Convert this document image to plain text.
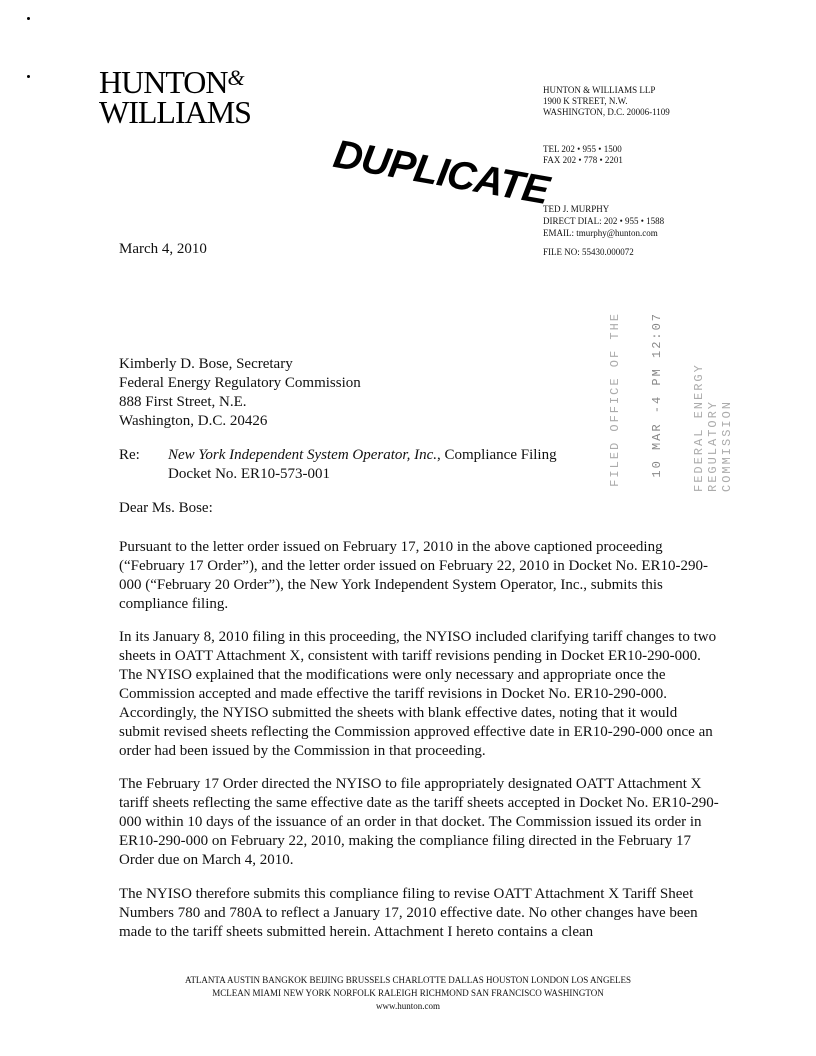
HUNTON&
WILLIAMS
DUPLICATE
HUNTON & WILLIAMS LLP
1900 K STREET, N.W.
WASHINGTON, D.C. 20006-1109
TEL 202 • 955 • 1500
FAX 202 • 778 • 2201
TED J. MURPHY
DIRECT DIAL: 202 • 955 • 1588
EMAIL: tmurphy@hunton.com
FILE NO: 55430.000072
March 4, 2010
FILED OFFICE OF THE 10 MAR -4 PM 12:07 FEDERAL ENERGY REGULATORY COMMISSION
Kimberly D. Bose, Secretary
Federal Energy Regulatory Commission
888 First Street, N.E.
Washington, D.C. 20426
Re: New York Independent System Operator, Inc., Compliance Filing
Docket No. ER10-573-001
Dear Ms. Bose:
Pursuant to the letter order issued on February 17, 2010 in the above captioned proceeding (“February 17 Order”), and the letter order issued on February 22, 2010 in Docket No. ER10-290-000 (“February 20 Order”), the New York Independent System Operator, Inc., submits this compliance filing.
In its January 8, 2010 filing in this proceeding, the NYISO included clarifying tariff changes to two sheets in OATT Attachment X, consistent with tariff revisions pending in Docket ER10-290-000. The NYISO explained that the modifications were only necessary and appropriate once the Commission accepted and made effective the tariff revisions in Docket No. ER10-290-000. Accordingly, the NYISO submitted the sheets with blank effective dates, noting that it would submit revised sheets reflecting the Commission approved effective date in ER10-290-000 once an order had been issued by the Commission in that proceeding.
The February 17 Order directed the NYISO to file appropriately designated OATT Attachment X tariff sheets reflecting the same effective date as the tariff sheets accepted in Docket No. ER10-290-000 within 10 days of the issuance of an order in that docket. The Commission issued its order in ER10-290-000 on February 22, 2010, making the compliance filing directed in the February 17 Order due on March 4, 2010.
The NYISO therefore submits this compliance filing to revise OATT Attachment X Tariff Sheet Numbers 780 and 780A to reflect a January 17, 2010 effective date. No other changes have been made to the tariff sheets submitted herein. Attachment I hereto contains a clean
ATLANTA AUSTIN BANGKOK BEIJING BRUSSELS CHARLOTTE DALLAS HOUSTON LONDON LOS ANGELES
MCLEAN MIAMI NEW YORK NORFOLK RALEIGH RICHMOND SAN FRANCISCO WASHINGTON
www.hunton.com
